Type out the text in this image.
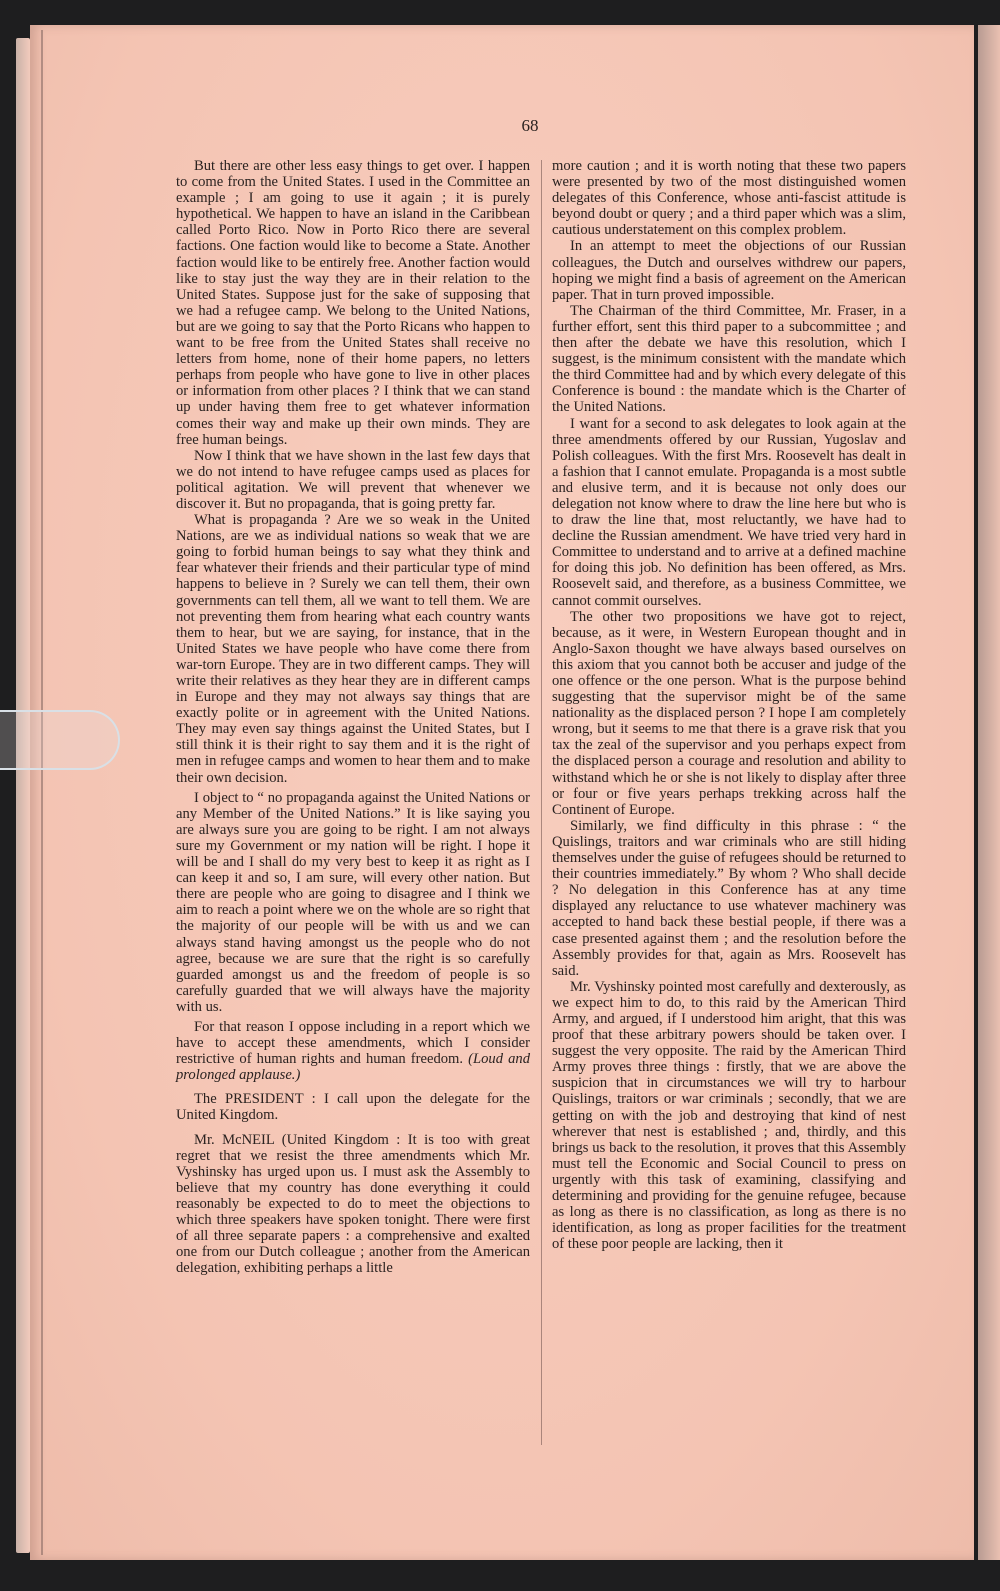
68

But there are other less easy things to get over. I happen to come from the United States. I used in the Committee an example ; I am going to use it again ; it is purely hypothetical. We happen to have an island in the Caribbean called Porto Rico. Now in Porto Rico there are several factions. One faction would like to become a State. Another faction would like to be entirely free. Another faction would like to stay just the way they are in their relation to the United States. Suppose just for the sake of supposing that we had a refugee camp. We belong to the United Nations, but are we going to say that the Porto Ricans who happen to want to be free from the United States shall receive no letters from home, none of their home papers, no letters perhaps from people who have gone to live in other places or information from other places ? I think that we can stand up under having them free to get whatever information comes their way and make up their own minds. They are free human beings.

Now I think that we have shown in the last few days that we do not intend to have refugee camps used as places for political agitation. We will prevent that whenever we discover it. But no propaganda, that is going pretty far.

What is propaganda ? Are we so weak in the United Nations, are we as individual nations so weak that we are going to forbid human beings to say what they think and fear whatever their friends and their particular type of mind happens to believe in ? Surely we can tell them, their own governments can tell them, all we want to tell them. We are not preventing them from hearing what each country wants them to hear, but we are saying, for instance, that in the United States we have people who have come there from war-torn Europe. They are in two different camps. They will write their relatives as they hear they are in different camps in Europe and they may not always say things that are exactly polite or in agreement with the United Nations. They may even say things against the United States, but I still think it is their right to say them and it is the right of men in refugee camps and women to hear them and to make their own decision.

I object to “ no propaganda against the United Nations or any Member of the United Nations.” It is like saying you are always sure you are going to be right. I am not always sure my Government or my nation will be right. I hope it will be and I shall do my very best to keep it as right as I can keep it and so, I am sure, will every other nation. But there are people who are going to disagree and I think we aim to reach a point where we on the whole are so right that the majority of our people will be with us and we can always stand having amongst us the people who do not agree, because we are sure that the right is so carefully guarded amongst us and the freedom of people is so carefully guarded that we will always have the majority with us.

For that reason I oppose including in a report which we have to accept these amendments, which I consider restrictive of human rights and human freedom. (Loud and prolonged applause.)

The PRESIDENT : I call upon the delegate for the United Kingdom.

Mr. McNEIL (United Kingdom : It is too with great regret that we resist the three amendments which Mr. Vyshinsky has urged upon us. I must ask the Assembly to believe that my country has done everything it could reasonably be expected to do to meet the objections to which three speakers have spoken tonight. There were first of all three separate papers : a comprehensive and exalted one from our Dutch colleague ; another from the American delegation, exhibiting perhaps a little

more caution ; and it is worth noting that these two papers were presented by two of the most distinguished women delegates of this Conference, whose anti-fascist attitude is beyond doubt or query ; and a third paper which was a slim, cautious understatement on this complex problem.

In an attempt to meet the objections of our Russian colleagues, the Dutch and ourselves withdrew our papers, hoping we might find a basis of agreement on the American paper. That in turn proved impossible.

The Chairman of the third Committee, Mr. Fraser, in a further effort, sent this third paper to a subcommittee ; and then after the debate we have this resolution, which I suggest, is the minimum consistent with the mandate which the third Committee had and by which every delegate of this Conference is bound : the mandate which is the Charter of the United Nations.

I want for a second to ask delegates to look again at the three amendments offered by our Russian, Yugoslav and Polish colleagues. With the first Mrs. Roosevelt has dealt in a fashion that I cannot emulate. Propaganda is a most subtle and elusive term, and it is because not only does our delegation not know where to draw the line here but who is to draw the line that, most reluctantly, we have had to decline the Russian amendment. We have tried very hard in Committee to understand and to arrive at a defined machine for doing this job. No definition has been offered, as Mrs. Roosevelt said, and therefore, as a business Committee, we cannot commit ourselves.

The other two propositions we have got to reject, because, as it were, in Western European thought and in Anglo-Saxon thought we have always based ourselves on this axiom that you cannot both be accuser and judge of the one offence or the one person. What is the purpose behind suggesting that the supervisor might be of the same nationality as the displaced person ? I hope I am completely wrong, but it seems to me that there is a grave risk that you tax the zeal of the supervisor and you perhaps expect from the displaced person a courage and resolution and ability to withstand which he or she is not likely to display after three or four or five years perhaps trekking across half the Continent of Europe.

Similarly, we find difficulty in this phrase : “ the Quislings, traitors and war criminals who are still hiding themselves under the guise of refugees should be returned to their countries immediately.” By whom ? Who shall decide ? No delegation in this Conference has at any time displayed any reluctance to use whatever machinery was accepted to hand back these bestial people, if there was a case presented against them ; and the resolution before the Assembly provides for that, again as Mrs. Roosevelt has said.

Mr. Vyshinsky pointed most carefully and dexterously, as we expect him to do, to this raid by the American Third Army, and argued, if I understood him aright, that this was proof that these arbitrary powers should be taken over. I suggest the very opposite. The raid by the American Third Army proves three things : firstly, that we are above the suspicion that in circumstances we will try to harbour Quislings, traitors or war criminals ; secondly, that we are getting on with the job and destroying that kind of nest wherever that nest is established ; and, thirdly, and this brings us back to the resolution, it proves that this Assembly must tell the Economic and Social Council to press on urgently with this task of examining, classifying and determining and providing for the genuine refugee, because as long as there is no classification, as long as there is no identification, as long as proper facilities for the treatment of these poor people are lacking, then it
